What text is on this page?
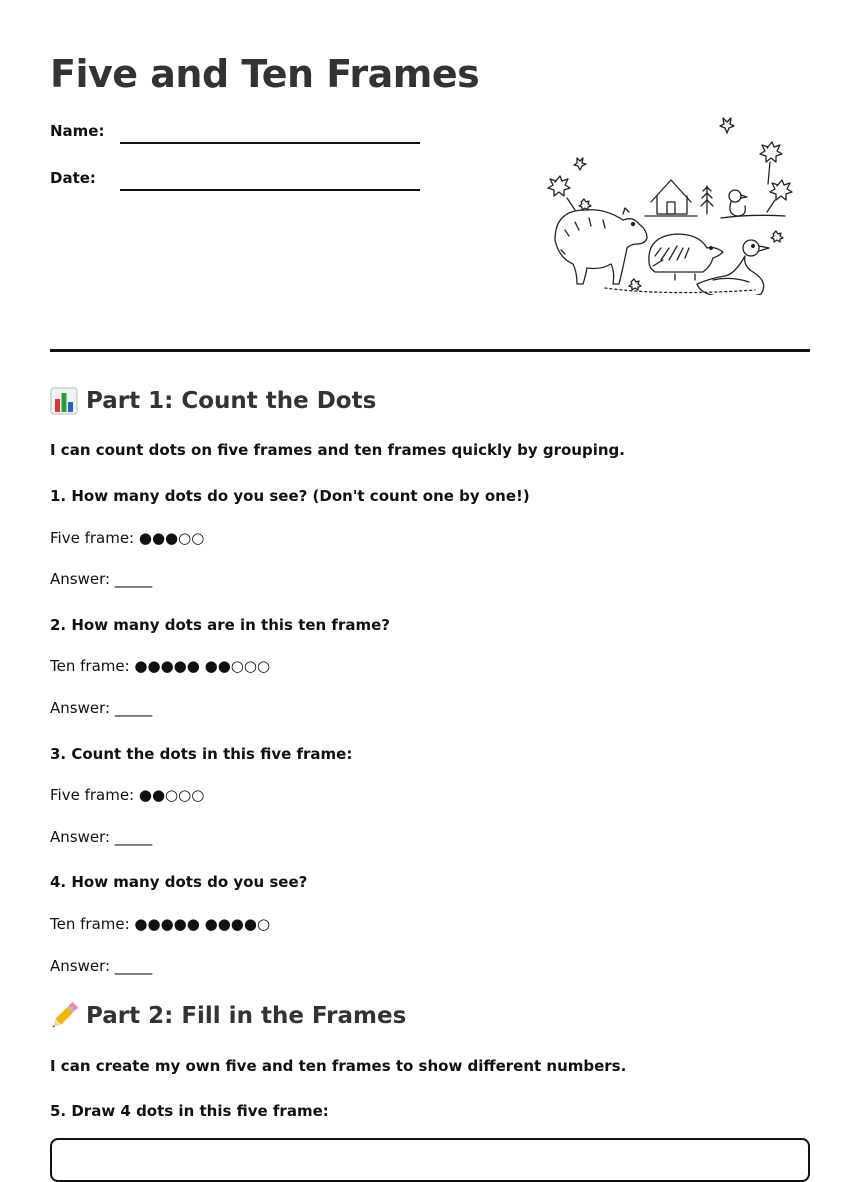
Five and Ten Frames
Name:
Date:
Part 1: Count the Dots
I can count dots on five frames and ten frames quickly by grouping.
1. How many dots do you see? (Don't count one by one!)
Five frame: ●●●○○
Answer: _____
2. How many dots are in this ten frame?
Ten frame: ●●●●● ●●○○○
Answer: _____
3. Count the dots in this five frame:
Five frame: ●●○○○
Answer: _____
4. How many dots do you see?
Ten frame: ●●●●● ●●●●○
Answer: _____
Part 2: Fill in the Frames
I can create my own five and ten frames to show different numbers.
5. Draw 4 dots in this five frame:
